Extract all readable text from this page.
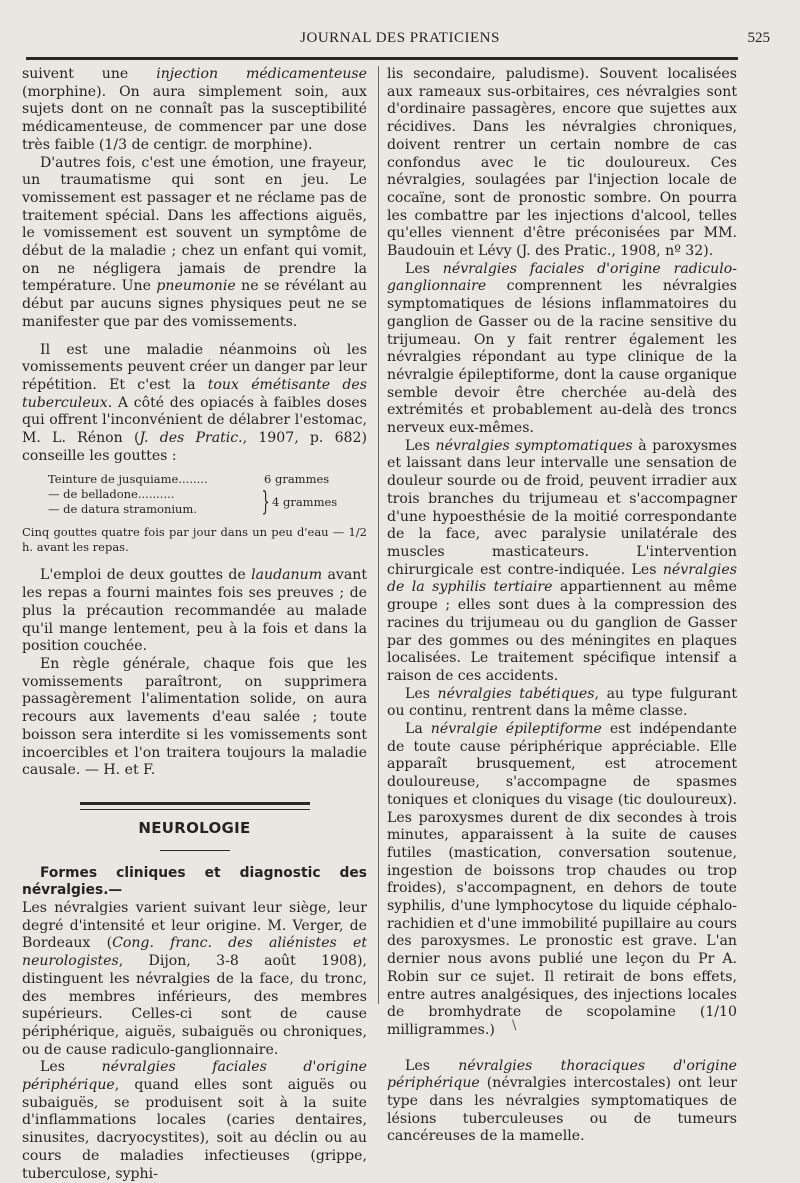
JOURNAL DES PRATICIENS	525

suivent une injection médicamenteuse (morphine). On aura simplement soin, aux sujets dont on ne connaît pas la susceptibilité médicamenteuse, de commencer par une dose très faible (1/3 de centigr. de morphine).

D'autres fois, c'est une émotion, une frayeur, un traumatisme qui sont en jeu. Le vomissement est passager et ne réclame pas de traitement spécial. Dans les affections aiguës, le vomissement est souvent un symptôme de début de la maladie ; chez un enfant qui vomit, on ne négligera jamais de prendre la température. Une pneumonie ne se révélant au début par aucuns signes physiques peut ne se manifester que par des vomissements.

Il est une maladie néanmoins où les vomissements peuvent créer un danger par leur répétition. Et c'est la toux émétisante des tuberculeux. A côté des opiacés à faibles doses qui offrent l'inconvénient de délabrer l'estomac, M. L. Rénon (J. des Pratic., 1907, p. 682) conseille les gouttes :

Teinture de jusquiame........	6 grammes
— de belladone..........
— de datura stramonium.	} 4 grammes

Cinq gouttes quatre fois par jour dans un peu d'eau — 1/2 h. avant les repas.

L'emploi de deux gouttes de laudanum avant les repas a fourni maintes fois ses preuves ; de plus la précaution recommandée au malade qu'il mange lentement, peu à la fois et dans la position couchée.

En règle générale, chaque fois que les vomissements paraîtront, on supprimera passagèrement l'alimentation solide, on aura recours aux lavements d'eau salée ; toute boisson sera interdite si les vomissements sont incoercibles et l'on traitera toujours la maladie causale. — H. et F.

NEUROLOGIE

Formes cliniques et diagnostic des névralgies.—

Les névralgies varient suivant leur siège, leur degré d'intensité et leur origine. M. Verger, de Bordeaux (Cong. franc. des aliénistes et neurologistes, Dijon, 3-8 août 1908), distinguent les névralgies de la face, du tronc, des membres inférieurs, des membres supérieurs. Celles-ci sont de cause périphérique, aiguës, subaiguës ou chroniques, ou de cause radiculo-ganglionnaire.

Les névralgies faciales d'origine périphérique, quand elles sont aiguës ou subaiguës, se produisent soit à la suite d'inflammations locales (caries dentaires, sinusites, dacryocystites), soit au déclin ou au cours de maladies infectieuses (grippe, tuberculose, syphi-

lis secondaire, paludisme). Souvent localisées aux rameaux sus-orbitaires, ces névralgies sont d'ordinaire passagères, encore que sujettes aux récidives. Dans les névralgies chroniques, doivent rentrer un certain nombre de cas confondus avec le tic douloureux. Ces névralgies, soulagées par l'injection locale de cocaïne, sont de pronostic sombre. On pourra les combattre par les injections d'alcool, telles qu'elles viennent d'être préconisées par MM. Baudouin et Lévy (J. des Pratic., 1908, nº 32).

Les névralgies faciales d'origine radiculo-ganglionnaire comprennent les névralgies symptomatiques de lésions inflammatoires du ganglion de Gasser ou de la racine sensitive du trijumeau. On y fait rentrer également les névralgies répondant au type clinique de la névralgie épileptiforme, dont la cause organique semble devoir être cherchée au-delà des extrémités et probablement au-delà des troncs nerveux eux-mêmes.

Les névralgies symptomatiques à paroxysmes et laissant dans leur intervalle une sensation de douleur sourde ou de froid, peuvent irradier aux trois branches du trijumeau et s'accompagner d'une hypoesthésie de la moitié correspondante de la face, avec paralysie unilatérale des muscles masticateurs. L'intervention chirurgicale est contre-indiquée. Les névralgies de la syphilis tertiaire appartiennent au même groupe ; elles sont dues à la compression des racines du trijumeau ou du ganglion de Gasser par des gommes ou des méningites en plaques localisées. Le traitement spécifique intensif a raison de ces accidents.

Les névralgies tabétiques, au type fulgurant ou continu, rentrent dans la même classe.

La névralgie épileptiforme est indépendante de toute cause périphérique appréciable. Elle apparaît brusquement, est atrocement douloureuse, s'accompagne de spasmes toniques et cloniques du visage (tic douloureux). Les paroxysmes durent de dix secondes à trois minutes, apparaissent à la suite de causes futiles (mastication, conversation soutenue, ingestion de boissons trop chaudes ou trop froides), s'accompagnent, en dehors de toute syphilis, d'une lymphocytose du liquide céphalo-rachidien et d'une immobilité pupillaire au cours des paroxysmes. Le pronostic est grave. L'an dernier nous avons publié une leçon du Pr A. Robin sur ce sujet. Il retirait de bons effets, entre autres analgésiques, des injections locales de bromhydrate de scopolamine (1/10 milligrammes.)

Les névralgies thoraciques d'origine périphérique (névralgies intercostales) ont leur type dans les névralgies symptomatiques de lésions tuberculeuses ou de tumeurs cancéreuses de la mamelle.

\
